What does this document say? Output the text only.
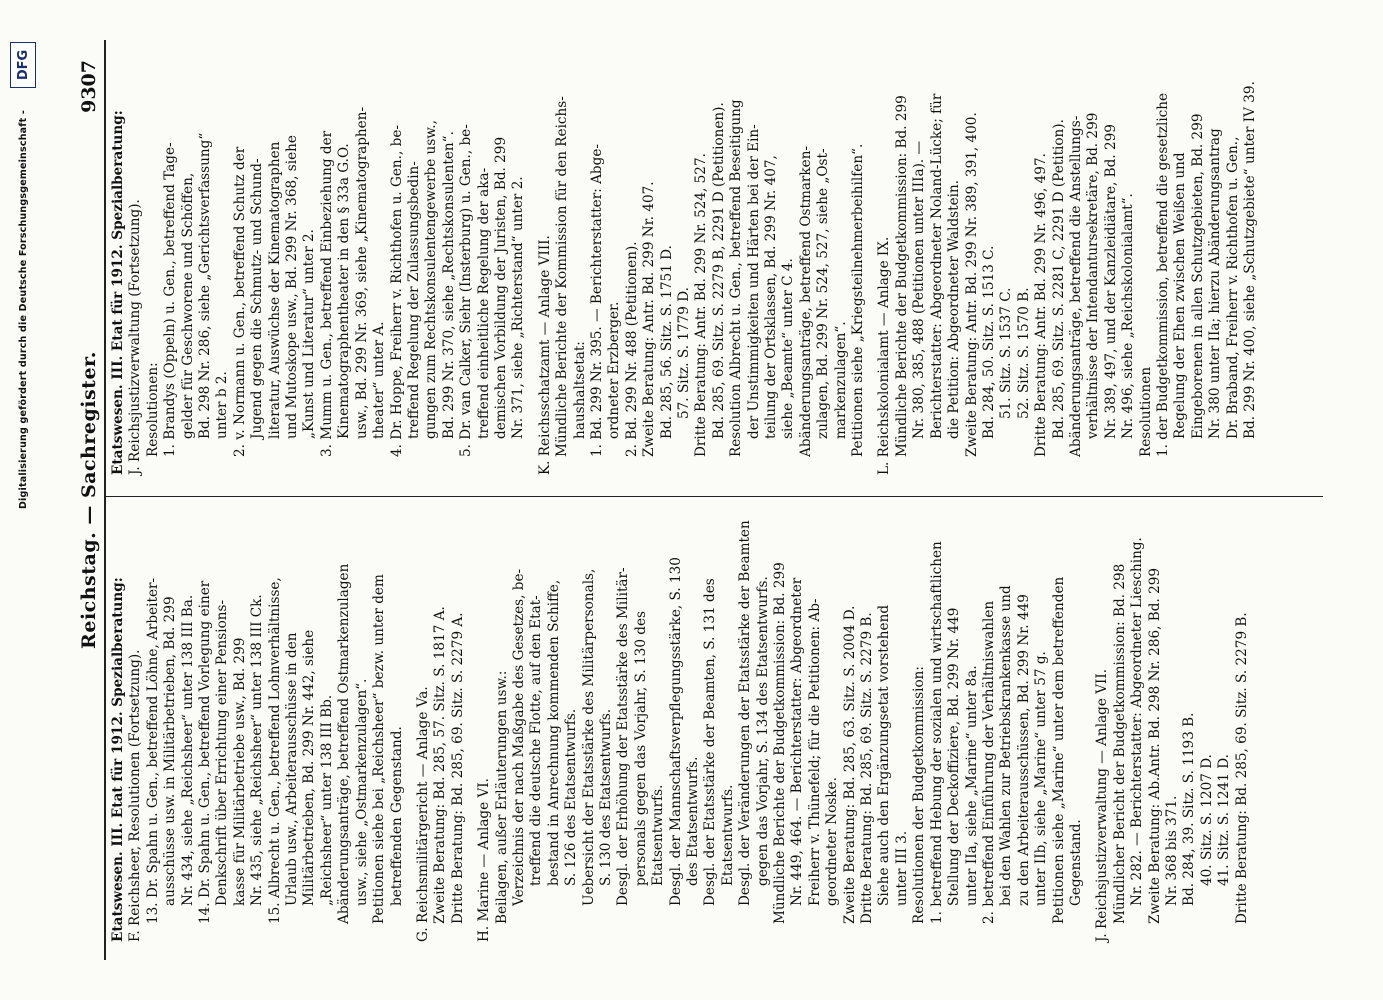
Digitalisierung gefördert durch die Deutsche Forschungsgemeinschaft -
DFG
Reichstag. — Sachregister.
9307
Etatswesen. III. Etat für 1912. Spezialberatung: F. Reichsheer, Resolutionen (Fortsetzung). 13. Dr. Spahn u. Gen., betreffend Löhne, Arbeiter- ausschüsse usw. in Militärbetrieben, Bd. 299 Nr. 434, siehe „Reichsheer“ unter 138 III Ba. 14. Dr. Spahn u. Gen., betreffend Vorlegung einer Denkschrift über Errichtung einer Pensions- kasse für Militärbetriebe usw., Bd. 299 Nr. 435, siehe „Reichsheer“ unter 138 III Ck. 15. Albrecht u. Gen., betreffend Lohnverhältnisse, Urlaub usw., Arbeiterausschüsse in den Militärbetrieben, Bd. 299 Nr. 442, siehe „Reichsheer“ unter 138 III Bb. Abänderungsanträge, betreffend Ostmarkenzulagen usw., siehe „Ostmarkenzulagen“. Petitionen siehe bei „Reichsheer“ bezw. unter dem betreffenden Gegenstand. G. Reichsmilitärgericht — Anlage Va. Zweite Beratung: Bd. 285, 57. Sitz. S. 1817 A. Dritte Beratung: Bd. 285, 69. Sitz. S. 2279 A. H. Marine — Anlage VI. Beilagen, außer Erläuterungen usw.: Verzeichnis der nach Maßgabe des Gesetzes, be- treffend die deutsche Flotte, auf den Etat- bestand in Anrechnung kommenden Schiffe, S. 126 des Etatsentwurfs. Uebersicht der Etatsstärke des Militärpersonals, S. 130 des Etatsentwurfs. Desgl. der Erhöhung der Etatsstärke des Militär- personals gegen das Vorjahr, S. 130 des Etatsentwurfs. Desgl. der Mannschaftsverpflegungsstärke, S. 130 des Etatsentwurfs. Desgl. der Etatsstärke der Beamten, S. 131 des Etatsentwurfs. Desgl. der Veränderungen der Etatsstärke der Beamten gegen das Vorjahr, S. 134 des Etatsentwurfs. Mündliche Berichte der Budgetkommission: Bd. 299 Nr. 449, 464. — Berichterstatter: Abgeordneter Freiherr v. Thünefeld; für die Petitionen: Ab- geordneter Noske. Zweite Beratung: Bd. 285, 63. Sitz. S. 2004 D. Dritte Beratung: Bd. 285, 69. Sitz. S. 2279 B. Siehe auch den Ergänzungsetat vorstehend unter III 3. Resolutionen der Budgetkommission: 1. betreffend Hebung der sozialen und wirtschaftlichen Stellung der Deckoffiziere, Bd. 299 Nr. 449 unter IIa, siehe „Marine“ unter 8a. 2. betreffend Einführung der Verhältniswahlen bei den Wahlen zur Betriebskrankenkasse und zu den Arbeiterausschüssen, Bd. 299 Nr. 449 unter IIb, siehe „Marine“ unter 57 g. Petitionen siehe „Marine“ unter dem betreffenden Gegenstand. J. Reichsjustizverwaltung — Anlage VII. Mündlicher Bericht der Budgetkommission: Bd. 298 Nr. 282. — Berichterstatter: Abgeordneter Liesching. Zweite Beratung: Ab.Antr. Bd. 298 Nr. 286, Bd. 299 Nr. 368 bis 371. Bd. 284, 39. Sitz. S. 1193 B. 40. Sitz. S. 1207 D. 41. Sitz. S. 1241 D. Dritte Beratung: Bd. 285, 69. Sitz. S. 2279 B.
Etatswesen. III. Etat für 1912. Spezialberatung: J. Reichsjustizverwaltung (Fortsetzung). Resolutionen: 1. Brandys (Oppeln) u. Gen., betreffend Tage- gelder für Geschworene und Schöffen, Bd. 298 Nr. 286, siehe „Gerichtsverfassung“ unter b 2. 2. v. Normann u. Gen., betreffend Schutz der Jugend gegen die Schmutz- und Schund- literatur, Auswüchse der Kinematographen und Mutoskope usw., Bd. 299 Nr. 368, siehe „Kunst und Literatur“ unter 2. 3. Mumm u. Gen., betreffend Einbeziehung der Kinematographentheater in den § 33a G.O. usw., Bd. 299 Nr. 369, siehe „Kinematographen- theater“ unter A. 4. Dr. Hoppe, Freiherr v. Richthofen u. Gen., be- treffend Regelung der Zulassungsbedin- gungen zum Rechtskonsulentengewerbe usw., Bd. 299 Nr. 370, siehe „Rechtskonsulenten“. 5. Dr. van Calker, Siehr (Insterburg) u. Gen., be- treffend einheitliche Regelung der aka- demischen Vorbildung der Juristen, Bd. 299 Nr. 371, siehe „Richterstand“ unter 2. K. Reichsschatzamt — Anlage VIII. Mündliche Berichte der Kommission für den Reichs- haushaltsetat: 1. Bd. 299 Nr. 395. — Berichterstatter: Abge- ordneter Erzberger. 2. Bd. 299 Nr. 488 (Petitionen). Zweite Beratung: Antr. Bd. 299 Nr. 407. Bd. 285, 56. Sitz. S. 1751 D. 57. Sitz. S. 1779 D. Dritte Beratung: Antr. Bd. 299 Nr. 524, 527. Bd. 285, 69. Sitz. S. 2279 B, 2291 D (Petitionen). Resolution Albrecht u. Gen., betreffend Beseitigung der Unstimmigkeiten und Härten bei der Ein- teilung der Ortsklassen, Bd. 299 Nr. 407, siehe „Beamte“ unter C 4. Abänderungsanträge, betreffend Ostmarken- zulagen, Bd. 299 Nr. 524, 527, siehe „Ost- markenzulagen“. Petitionen siehe „Kriegsteilnehmerbeihilfen“. L. Reichskolonialamt — Anlage IX. Mündliche Berichte der Budgetkommission: Bd. 299 Nr. 380, 385, 488 (Petitionen unter IIIa). — Berichterstatter: Abgeordneter Noland-Lücke; für die Petition: Abgeordneter Waldstein. Zweite Beratung: Antr. Bd. 299 Nr. 389, 391, 400. Bd. 284, 50. Sitz. S. 1513 C. 51. Sitz. S. 1537 C. 52. Sitz. S. 1570 B. Dritte Beratung: Antr. Bd. 299 Nr. 496, 497. Bd. 285, 69. Sitz. S. 2281 C, 2291 D (Petition). Abänderungsanträge, betreffend die Anstellungs- verhältnisse der Intendantursekretäre, Bd. 299 Nr. 389, 497, und der Kanzleidiätare, Bd. 299 Nr. 496, siehe „Reichskolonialamt“. Resolutionen 1. der Budgetkommission, betreffend die gesetzliche Regelung der Ehen zwischen Weißen und Eingeborenen in allen Schutzgebieten, Bd. 299 Nr. 380 unter IIa; hierzu Abänderungsantrag Dr. Braband, Freiherr v. Richthofen u. Gen., Bd. 299 Nr. 400, siehe „Schutzgebiete“ unter IV 39.
